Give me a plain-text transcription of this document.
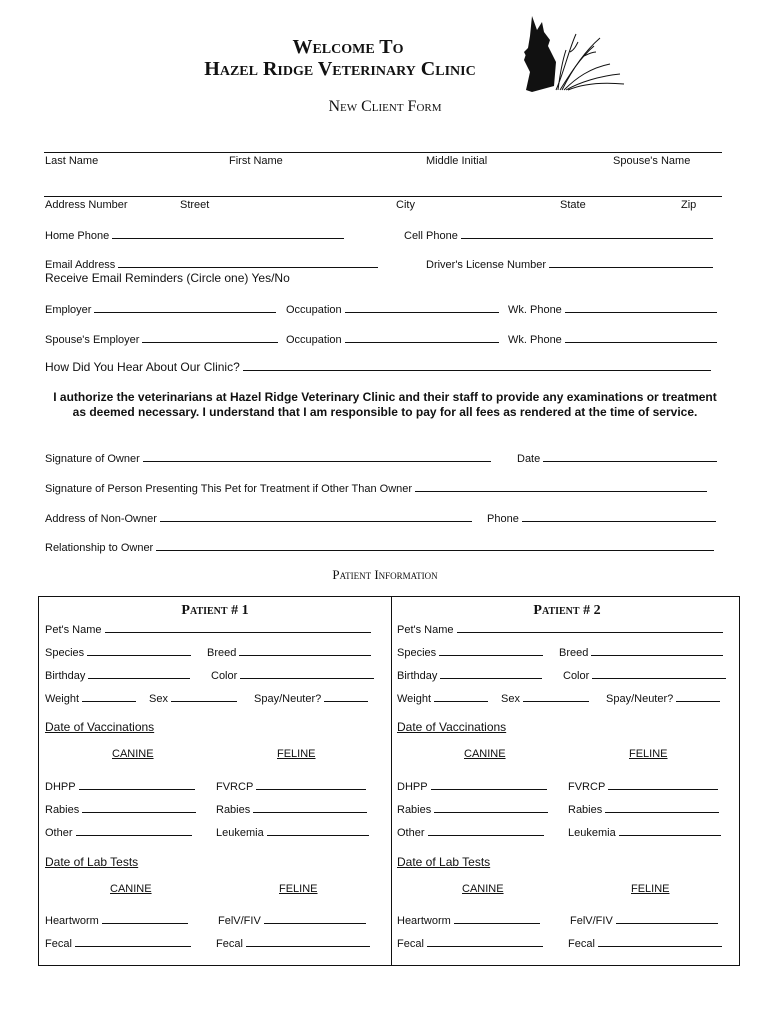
Welcome To
Hazel Ridge Veterinary Clinic
New Client Form
Last Name	First Name	Middle Initial	Spouse's Name
Address Number	Street	City	State	Zip
Home Phone	Cell Phone
Email Address	Driver's License Number
Receive Email Reminders (Circle one) Yes/No
Employer	Occupation	Wk. Phone
Spouse's Employer	Occupation	Wk. Phone
How Did You Hear About Our Clinic?
I authorize the veterinarians at Hazel Ridge Veterinary Clinic and their staff to provide any examinations or treatment as deemed necessary. I understand that I am responsible to pay for all fees as rendered at the time of service.
Signature of Owner	Date
Signature of Person Presenting This Pet for Treatment if Other Than Owner
Address of Non-Owner	Phone
Relationship to Owner
Patient Information
Patient # 1
Pet's Name
Species	Breed
Birthday	Color
Weight	Sex	Spay/Neuter?
Date of Vaccinations
CANINE	FELINE
DHPP	FVRCP
Rabies	Rabies
Other	Leukemia
Date of Lab Tests
CANINE	FELINE
Heartworm	FelV/FIV
Fecal	Fecal
Patient # 2
Pet's Name
Species	Breed
Birthday	Color
Weight	Sex	Spay/Neuter?
Date of Vaccinations
CANINE	FELINE
DHPP	FVRCP
Rabies	Rabies
Other	Leukemia
Date of Lab Tests
CANINE	FELINE
Heartworm	FelV/FIV
Fecal	Fecal
